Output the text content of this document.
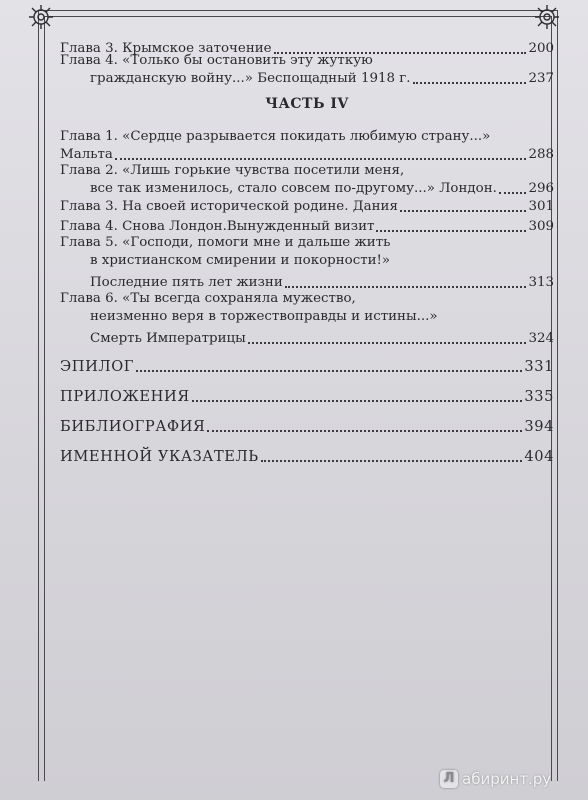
Глава 3. Крымское заточение	200
Глава 4. «Только бы остановить эту жуткую
гражданскую войну...» Беспощадный 1918 г.	237
ЧАСТЬ IV
Глава 1. «Сердце разрывается покидать любимую страну...»
Мальта	288
Глава 2. «Лишь горькие чувства посетили меня,
все так изменилось, стало совсем по-другому...» Лондон. 296
Глава 3. На своей исторической родине. Дания	301
Глава 4. Снова Лондон.Вынужденный визит	309
Глава 5. «Господи, помоги мне и дальше жить
в христианском смирении и покорности!»
Последние пять лет жизни	313
Глава 6. «Ты всегда сохраняла мужество,
неизменно веря в торжествоправды и истины...»
Смерть Императрицы	324
ЭПИЛОГ	331
ПРИЛОЖЕНИЯ	335
БИБЛИОГРАФИЯ	394
ИМЕННОЙ УКАЗАТЕЛЬ	404
Л абиринт.ру
